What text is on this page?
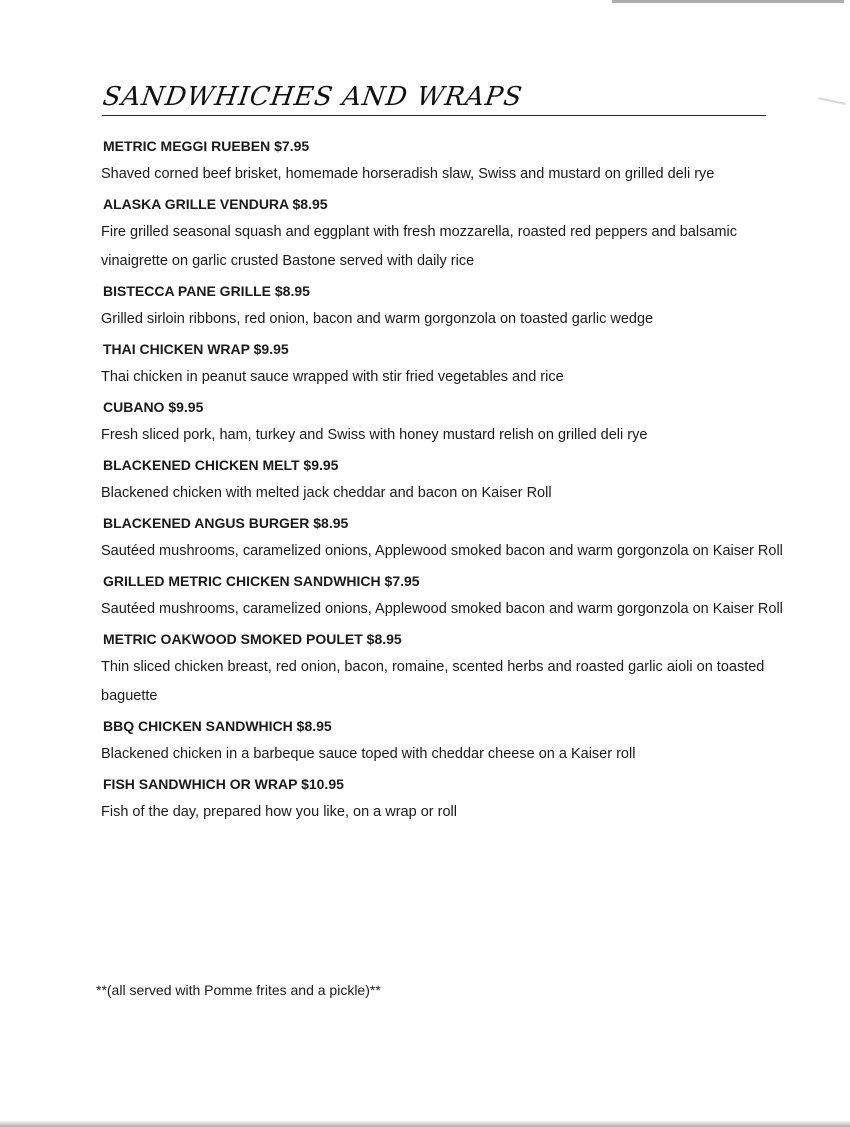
SANDWHICHES AND WRAPS
METRIC MEGGI RUEBEN $7.95
Shaved corned beef brisket, homemade horseradish slaw, Swiss and mustard on grilled deli rye
ALASKA GRILLE VENDURA $8.95
Fire grilled seasonal squash and eggplant with fresh mozzarella, roasted red peppers and balsamic vinaigrette on garlic crusted Bastone served with daily rice
BISTECCA PANE GRILLE $8.95
Grilled sirloin ribbons, red onion, bacon and warm gorgonzola on toasted garlic wedge
THAI CHICKEN WRAP $9.95
Thai chicken in peanut sauce wrapped with stir fried vegetables and rice
CUBANO $9.95
Fresh sliced pork, ham, turkey and Swiss with honey mustard relish on grilled deli rye
BLACKENED CHICKEN MELT $9.95
Blackened chicken with melted jack cheddar and bacon on Kaiser Roll
BLACKENED ANGUS BURGER $8.95
Sautéed mushrooms, caramelized onions, Applewood smoked bacon and warm gorgonzola on Kaiser Roll
GRILLED METRIC CHICKEN SANDWHICH $7.95
Sautéed mushrooms, caramelized onions, Applewood smoked bacon and warm gorgonzola on Kaiser Roll
METRIC OAKWOOD SMOKED POULET $8.95
Thin sliced chicken breast, red onion, bacon, romaine, scented herbs and roasted garlic aioli on toasted baguette
BBQ CHICKEN SANDWHICH $8.95
Blackened chicken in a barbeque sauce toped with cheddar cheese on a Kaiser roll
FISH SANDWHICH OR WRAP $10.95
Fish of the day, prepared how you like, on a wrap or roll
**(all served with Pomme frites and a pickle)**
